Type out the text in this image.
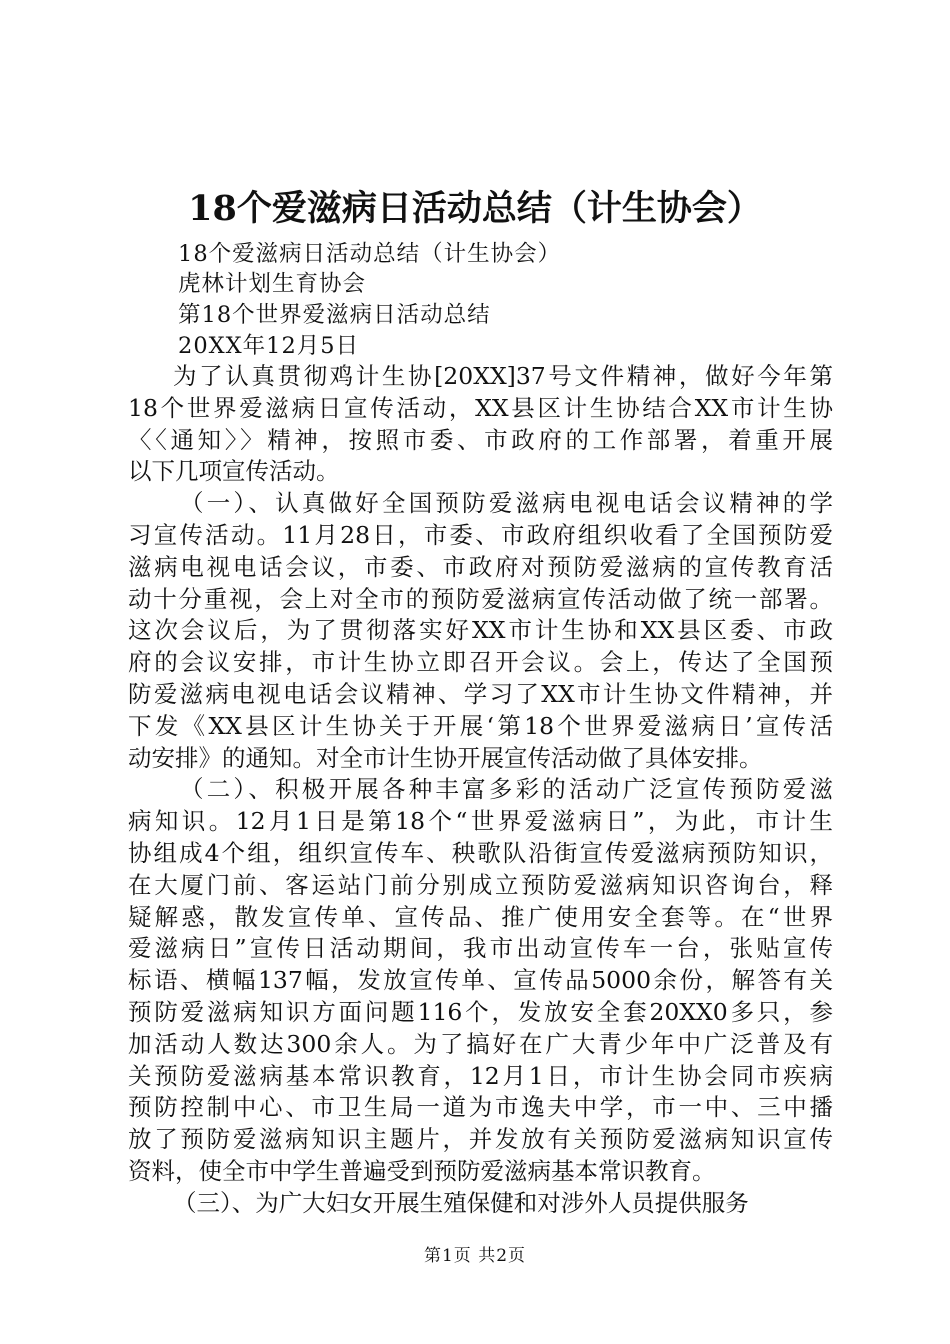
18个爱滋病日活动总结（计生协会）
18个爱滋病日活动总结（计生协会）
虎林计划生育协会
第18个世界爱滋病日活动总结
20XX年12月5日
为了认真贯彻鸡计生协[20XX]37号文件精神，做好今年第
18个世界爱滋病日宣传活动，XX县区计生协结合XX市计生协
〈〈通知〉〉精神，按照市委、市政府的工作部署，着重开展
以下几项宣传活动。
（一）、认真做好全国预防爱滋病电视电话会议精神的学
习宣传活动。11月28日，市委、市政府组织收看了全国预防爱
滋病电视电话会议，市委、市政府对预防爱滋病的宣传教育活
动十分重视，会上对全市的预防爱滋病宣传活动做了统一部署。
这次会议后，为了贯彻落实好XX市计生协和XX县区委、市政
府的会议安排，市计生协立即召开会议。会上，传达了全国预
防爱滋病电视电话会议精神、学习了XX市计生协文件精神，并
下发《XX县区计生协关于开展‘第18个世界爱滋病日’宣传活
动安排》的通知。对全市计生协开展宣传活动做了具体安排。
（二）、积极开展各种丰富多彩的活动广泛宣传预防爱滋
病知识。12月1日是第18个“世界爱滋病日”，为此，市计生
协组成4个组，组织宣传车、秧歌队沿街宣传爱滋病预防知识，
在大厦门前、客运站门前分别成立预防爱滋病知识咨询台，释
疑解惑，散发宣传单、宣传品、推广使用安全套等。在“世界
爱滋病日”宣传日活动期间，我市出动宣传车一台，张贴宣传
标语、横幅137幅，发放宣传单、宣传品5000余份，解答有关
预防爱滋病知识方面问题116个，发放安全套20XX0多只，参
加活动人数达300余人。为了搞好在广大青少年中广泛普及有
关预防爱滋病基本常识教育，12月1日，市计生协会同市疾病
预防控制中心、市卫生局一道为市逸夫中学，市一中、三中播
放了预防爱滋病知识主题片，并发放有关预防爱滋病知识宣传
资料，使全市中学生普遍受到预防爱滋病基本常识教育。
（三）、为广大妇女开展生殖保健和对涉外人员提供服务
第1页 共2页
